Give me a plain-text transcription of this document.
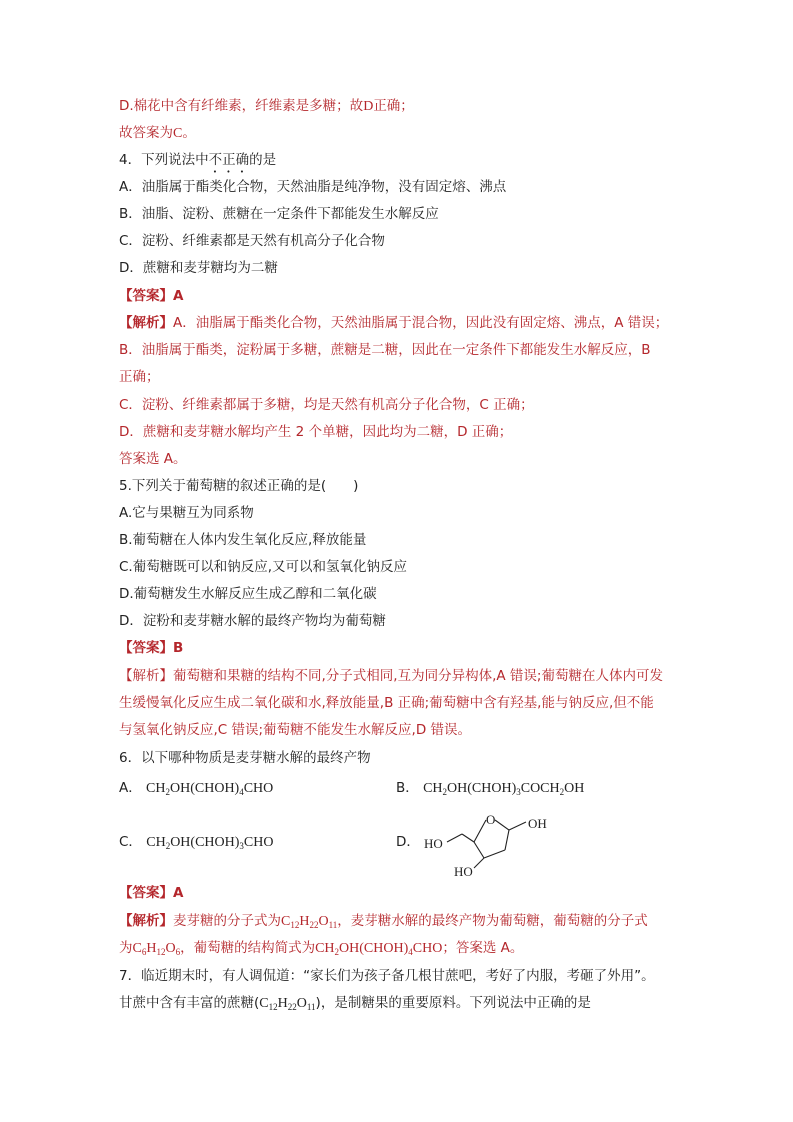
D.棉花中含有纤维素，纤维素是多糖；故D正确；
故答案为C。
4．下列说法中不正确的是
A．油脂属于酯类化合物，天然油脂是纯净物，没有固定熔、沸点
B．油脂、淀粉、蔗糖在一定条件下都能发生水解反应
C．淀粉、纤维素都是天然有机高分子化合物
D．蔗糖和麦芽糖均为二糖
【答案】A
【解析】A．油脂属于酯类化合物，天然油脂属于混合物，因此没有固定熔、沸点，A 错误；
B．油脂属于酯类，淀粉属于多糖，蔗糖是二糖，因此在一定条件下都能发生水解反应，B
正确；
C．淀粉、纤维素都属于多糖，均是天然有机高分子化合物，C 正确；
D．蔗糖和麦芽糖水解均产生 2 个单糖，因此均为二糖，D 正确；
答案选 A。
5.下列关于葡萄糖的叙述正确的是(　　)
A.它与果糖互为同系物
B.葡萄糖在人体内发生氧化反应,释放能量
C.葡萄糖既可以和钠反应,又可以和氢氧化钠反应
D.葡萄糖发生水解反应生成乙醇和二氧化碳
D．淀粉和麦芽糖水解的最终产物均为葡萄糖
【答案】B
【解析】葡萄糖和果糖的结构不同,分子式相同,互为同分异构体,A 错误;葡萄糖在人体内可发
生缓慢氧化反应生成二氧化碳和水,释放能量,B 正确;葡萄糖中含有羟基,能与钠反应,但不能
与氢氧化钠反应,C 错误;葡萄糖不能发生水解反应,D 错误。
6．以下哪种物质是麦芽糖水解的最终产物
A． $CH_2OH(CHOH)_4CHO$	B． $CH_2OH(CHOH)_3COCH_2OH$
C． $CH_2OH(CHOH)_3CHO$	D．
O	OH
HO
HO
【答案】A
【解析】麦芽糖的分子式为$C_{12}H_{22}O_{11}$，麦芽糖水解的最终产物为葡萄糖，葡萄糖的分子式
为$C_6H_{12}O_6$，葡萄糖的结构简式为$CH_2OH(CHOH)_4CHO$；答案选 A。
7．临近期末时，有人调侃道：“家长们为孩子备几根甘蔗吧，考好了内服，考砸了外用”。
甘蔗中含有丰富的蔗糖$(C_{12}H_{22}O_{11})$，是制糖果的重要原料。下列说法中正确的是
